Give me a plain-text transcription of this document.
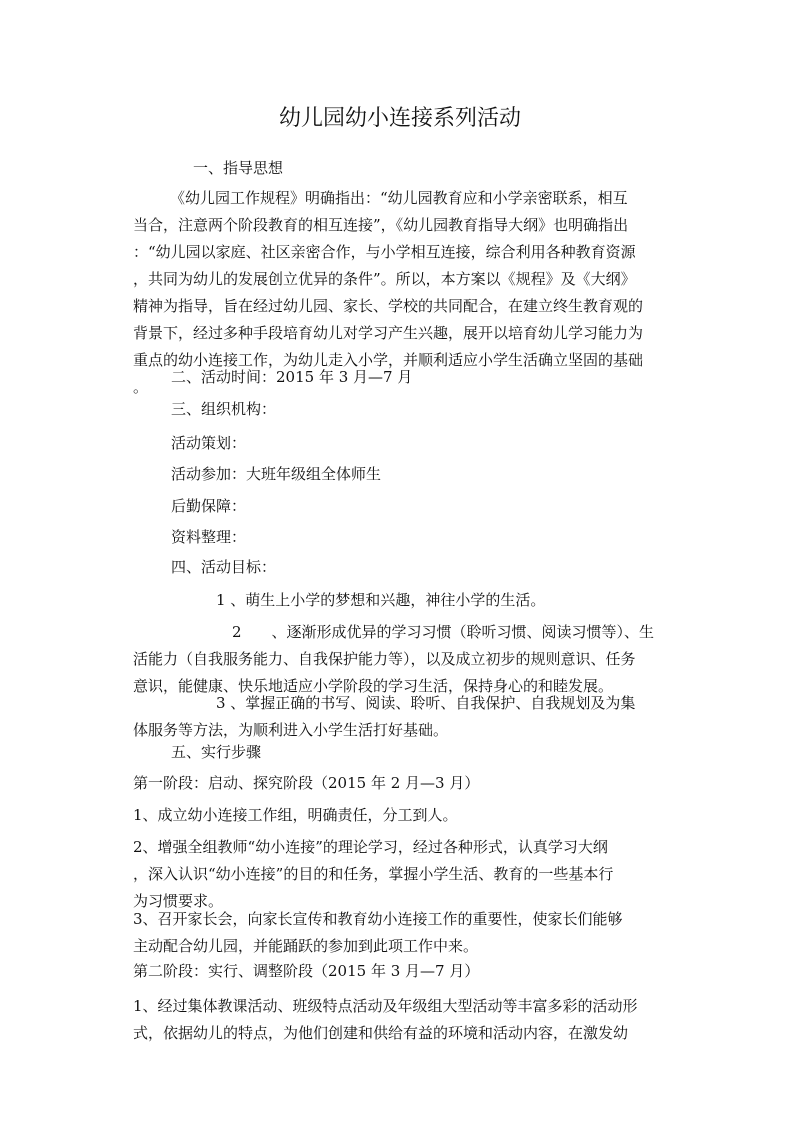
幼儿园幼小连接系列活动
一、指导思想
《幼儿园工作规程》明确指出：“幼儿园教育应和小学亲密联系，相互
当合，注意两个阶段教育的相互连接”，《幼儿园教育指导大纲》也明确指出
：“幼儿园以家庭、社区亲密合作，与小学相互连接，综合利用各种教育资源
，共同为幼儿的发展创立优异的条件”。所以，本方案以《规程》及《大纲》
精神为指导，旨在经过幼儿园、家长、学校的共同配合，在建立终生教育观的
背景下，经过多种手段培育幼儿对学习产生兴趣，展开以培育幼儿学习能力为
重点的幼小连接工作，为幼儿走入小学，并顺利适应小学生活确立坚固的基础
。
二、活动时间：2015 年 3 月—7 月
三、组织机构：
活动策划：
活动参加：大班年级组全体师生
后勤保障：
资料整理：
四、活动目标：
1 、萌生上小学的梦想和兴趣，神往小学的生活。
2　　、逐渐形成优异的学习习惯（聆听习惯、阅读习惯等）、生
活能力（自我服务能力、自我保护能力等），以及成立初步的规则意识、任务
意识，能健康、快乐地适应小学阶段的学习生活，保持身心的和睦发展。
3 、掌握正确的书写、阅读、聆听、自我保护、自我规划及为集
体服务等方法，为顺利进入小学生活打好基础。
五、实行步骤
第一阶段：启动、探究阶段（2015 年 2 月—3 月）
1、成立幼小连接工作组，明确责任，分工到人。
2、增强全组教师“幼小连接”的理论学习，经过各种形式，认真学习大纲
，深入认识“幼小连接”的目的和任务，掌握小学生活、教育的一些基本行
为习惯要求。
3、召开家长会，向家长宣传和教育幼小连接工作的重要性，使家长们能够
主动配合幼儿园，并能踊跃的参加到此项工作中来。
第二阶段：实行、调整阶段（2015 年 3 月—7 月）
1、经过集体教课活动、班级特点活动及年级组大型活动等丰富多彩的活动形
式，依据幼儿的特点，为他们创建和供给有益的环境和活动内容，在激发幼
